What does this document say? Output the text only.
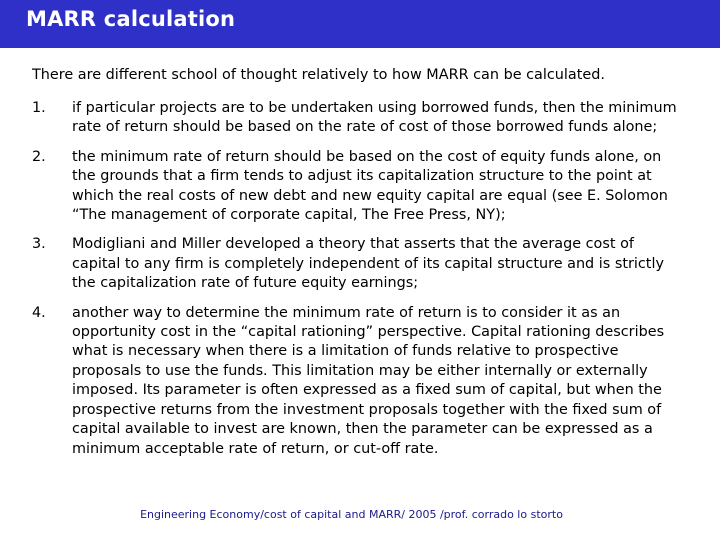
MARR calculation

There are different school of thought relatively to how MARR can be calculated.

1.	if particular projects are to be undertaken using borrowed funds, then the minimum rate of return should be based on the rate of cost of those borrowed funds alone;
2.	the minimum rate of return should be based on the cost of equity funds alone, on the grounds that a firm tends to adjust its capitalization structure to the point at which the real costs of new debt and new equity capital are equal (see E. Solomon “The management of corporate capital, The Free Press, NY);
3.	Modigliani and Miller developed a theory that asserts that the average cost of capital to any firm is completely independent of its capital structure and is strictly the capitalization rate of future equity earnings;
4.	another way to determine the minimum rate of return is to consider it as an opportunity cost in the “capital rationing” perspective. Capital rationing describes what is necessary when there is a limitation of funds relative to prospective proposals to use the funds. This limitation may be either internally or externally imposed. Its parameter is often expressed as a fixed sum of capital, but when the prospective returns from the investment proposals together with the fixed sum of capital available to invest are known, then the parameter can be expressed as a minimum acceptable rate of return, or cut-off rate.
Engineering Economy/cost of capital and MARR/ 2005 /prof. corrado lo storto
